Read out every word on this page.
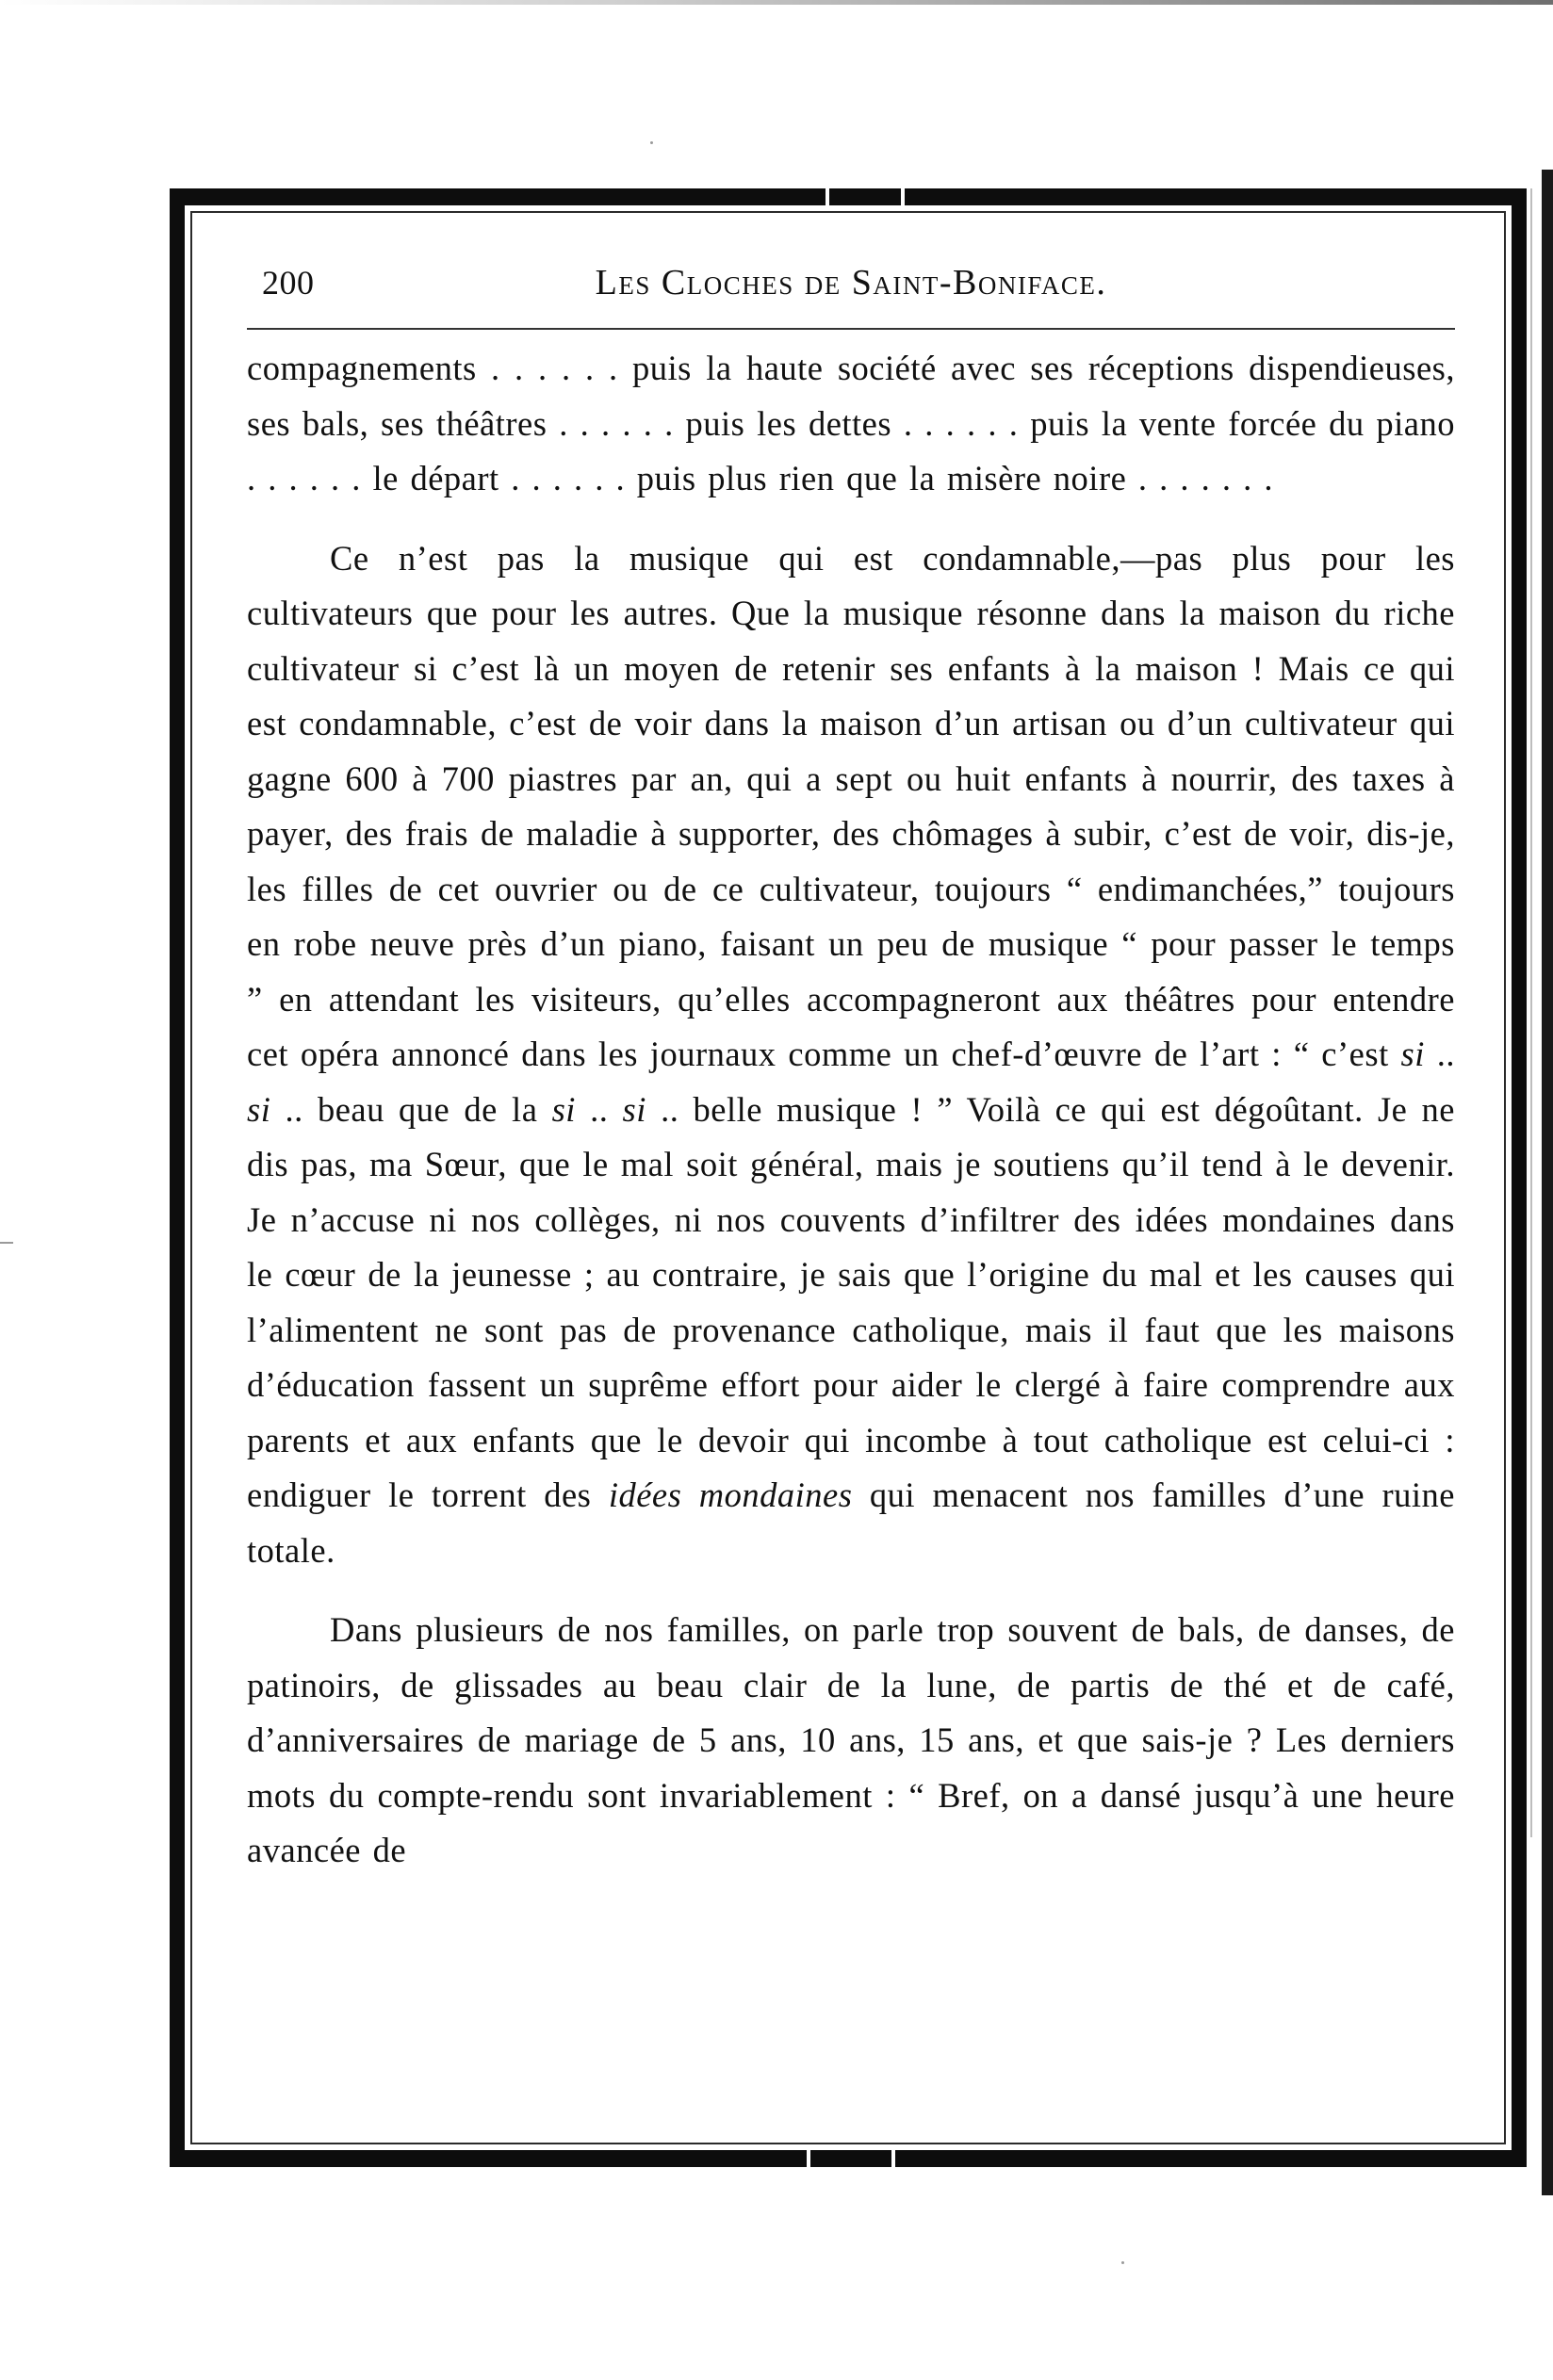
200	Les Cloches de Saint-Boniface.

compagnements . . . . . . puis la haute société avec ses réceptions dispendieuses, ses bals, ses théâtres . . . . . . puis les dettes . . . . . . puis la vente forcée du piano . . . . . . le départ . . . . . . puis plus rien que la misère noire . . . . . . .

Ce n’est pas la musique qui est condamnable,—pas plus pour les cultivateurs que pour les autres. Que la musique résonne dans la maison du riche cultivateur si c’est là un moyen de retenir ses enfants à la maison ! Mais ce qui est condamnable, c’est de voir dans la maison d’un artisan ou d’un cultivateur qui gagne 600 à 700 piastres par an, qui a sept ou huit enfants à nourrir, des taxes à payer, des frais de maladie à supporter, des chômages à subir, c’est de voir, dis-je, les filles de cet ouvrier ou de ce cultivateur, toujours “ endimanchées,” toujours en robe neuve près d’un piano, faisant un peu de musique “ pour passer le temps ” en attendant les visiteurs, qu’elles accompagneront aux théâtres pour entendre cet opéra annoncé dans les journaux comme un chef-d’œuvre de l’art : “ c’est si .. si .. beau que de la si .. si .. belle musique ! ” Voilà ce qui est dégoûtant. Je ne dis pas, ma Sœur, que le mal soit général, mais je soutiens qu’il tend à le devenir. Je n’accuse ni nos collèges, ni nos couvents d’infiltrer des idées mondaines dans le cœur de la jeunesse ; au contraire, je sais que l’origine du mal et les causes qui l’alimentent ne sont pas de provenance catholique, mais il faut que les maisons d’éducation fassent un suprême effort pour aider le clergé à faire comprendre aux parents et aux enfants que le devoir qui incombe à tout catholique est celui-ci : endiguer le torrent des idées mondaines qui menacent nos familles d’une ruine totale.

Dans plusieurs de nos familles, on parle trop souvent de bals, de danses, de patinoirs, de glissades au beau clair de la lune, de partis de thé et de café, d’anniversaires de mariage de 5 ans, 10 ans, 15 ans, et que sais-je ? Les derniers mots du compte-rendu sont invariablement : “ Bref, on a dansé jusqu’à une heure avancée de
